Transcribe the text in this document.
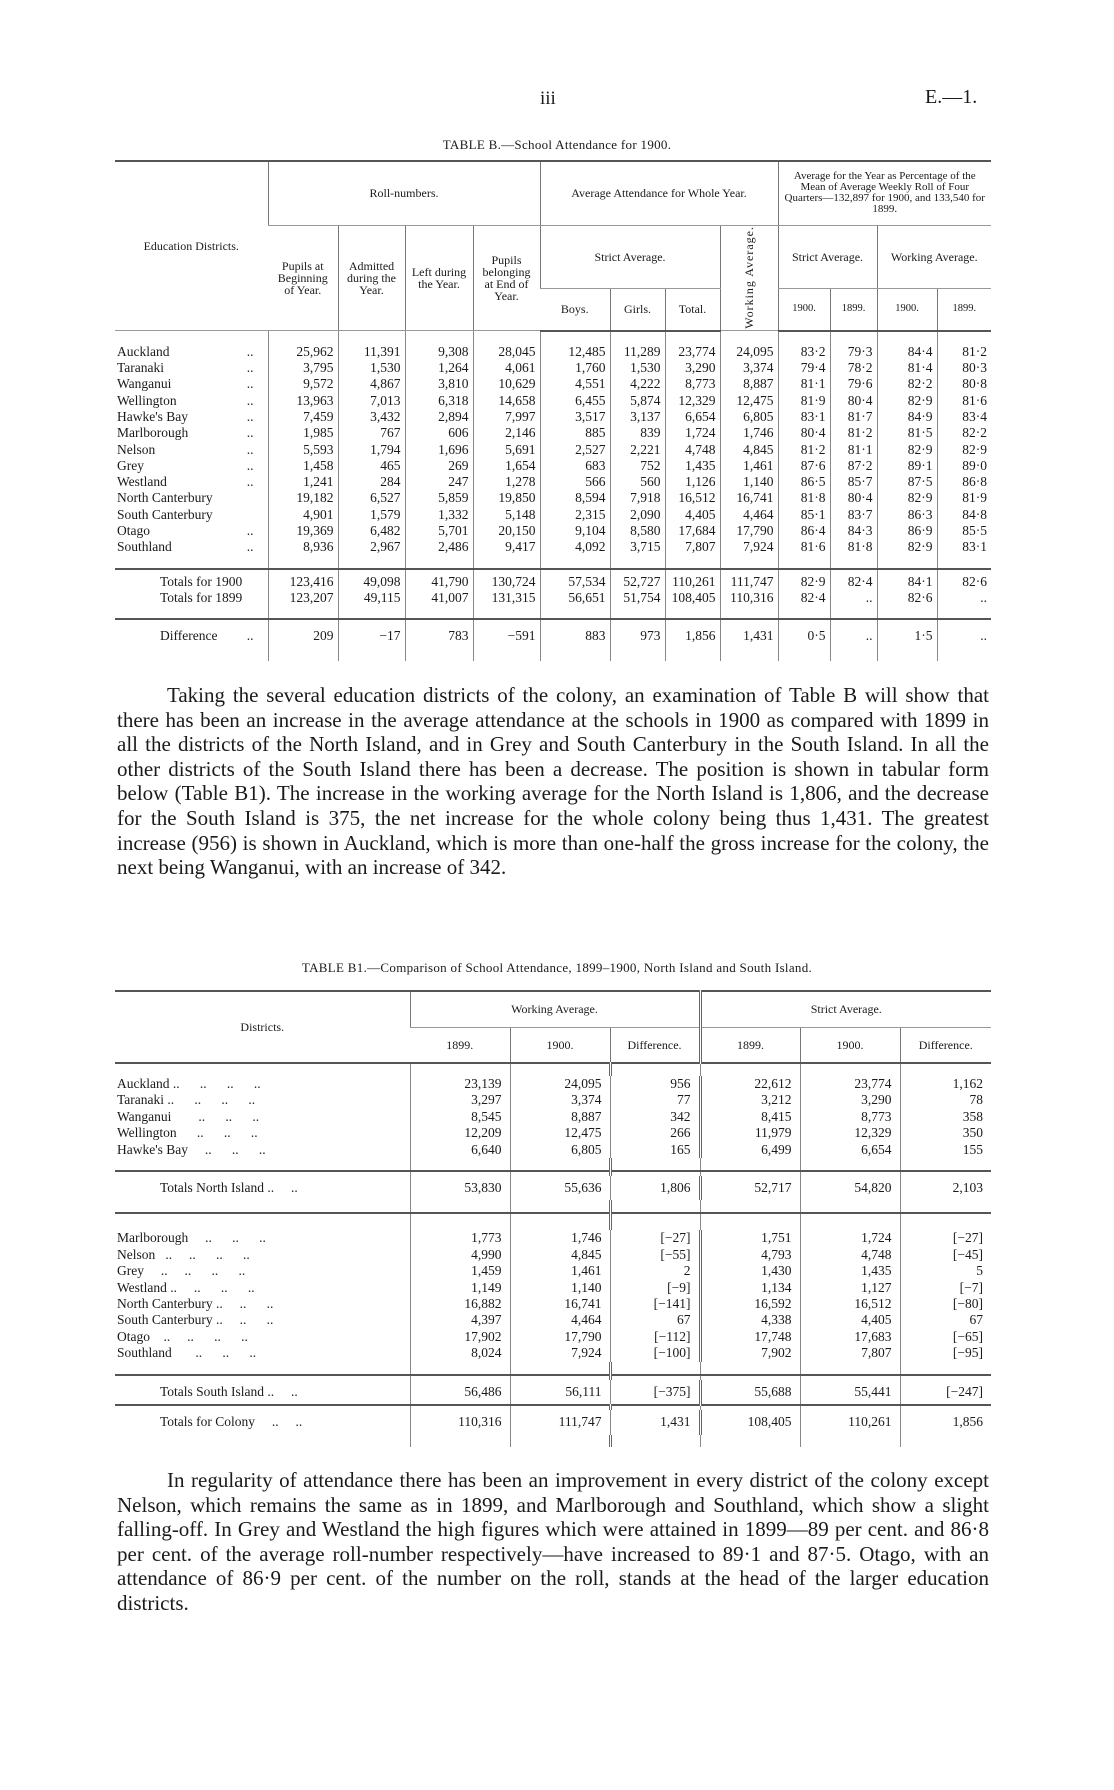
iii	E.—1.
TABLE B.—School Attendance for 1900.
Education Districts.	Roll-numbers.				Average Attendance for Whole Year.				Average for the Year as Percentage of the Mean of Average Weekly Roll of Four Quarters—132,897 for 1900, and 133,540 for 1899.			
	Pupils at Beginning of Year.	Admitted during the Year.	Left during the Year.	Pupils belonging at End of Year.	Strict Average.			Working Average.	Strict Average.		Working Average.	
					Boys.	Girls.	Total.		1900.	1899.	1900.	1899.

Auckland ..	25,962	11,391	9,308	28,045	12,485	11,289	23,774	24,095	83·2	79·3	84·4	81·2
Taranaki ..	3,795	1,530	1,264	4,061	1,760	1,530	3,290	3,374	79·4	78·2	81·4	80·3
Wanganui ..	9,572	4,867	3,810	10,629	4,551	4,222	8,773	8,887	81·1	79·6	82·2	80·8
Wellington ..	13,963	7,013	6,318	14,658	6,455	5,874	12,329	12,475	81·9	80·4	82·9	81·6
Hawke's Bay ..	7,459	3,432	2,894	7,997	3,517	3,137	6,654	6,805	83·1	81·7	84·9	83·4
Marlborough ..	1,985	767	606	2,146	885	839	1,724	1,746	80·4	81·2	81·5	82·2
Nelson ..	5,593	1,794	1,696	5,691	2,527	2,221	4,748	4,845	81·2	81·1	82·9	82·9
Grey ..	1,458	465	269	1,654	683	752	1,435	1,461	87·6	87·2	89·1	89·0
Westland ..	1,241	284	247	1,278	566	560	1,126	1,140	86·5	85·7	87·5	86·8
North Canterbury	19,182	6,527	5,859	19,850	8,594	7,918	16,512	16,741	81·8	80·4	82·9	81·9
South Canterbury	4,901	1,579	1,332	5,148	2,315	2,090	4,405	4,464	85·1	83·7	86·3	84·8
Otago ..	19,369	6,482	5,701	20,150	9,104	8,580	17,684	17,790	86·4	84·3	86·9	85·5
Southland ..	8,936	2,967	2,486	9,417	4,092	3,715	7,807	7,924	81·6	81·8	82·9	83·1

Totals for 1900	123,416	49,098	41,790	130,724	57,534	52,727	110,261	111,747	82·9	82·4	84·1	82·6
Totals for 1899	123,207	49,115	41,007	131,315	56,651	51,754	108,405	110,316	82·4	..	82·6	..

Difference ..	209	−17	783	−591	883	973	1,856	1,431	0·5	..	1·5	..

Taking the several education districts of the colony, an examination of Table B will show that there has been an increase in the average attendance at the schools in 1900 as compared with 1899 in all the districts of the North Island, and in Grey and South Canterbury in the South Island. In all the other districts of the South Island there has been a decrease. The position is shown in tabular form below (Table B1). The increase in the working average for the North Island is 1,806, and the decrease for the South Island is 375, the net increase for the whole colony being thus 1,431. The greatest increase (956) is shown in Auckland, which is more than one-half the gross increase for the colony, the next being Wanganui, with an increase of 342.
TABLE B1.—Comparison of School Attendance, 1899–1900, North Island and South Island.
Districts.	Working Average.			Strict Average.		
	1899.	1900.	Difference.	1899.	1900.	Difference.

Auckland ..      ..      ..      ..	23,139	24,095	956	22,612	23,774	1,162
Taranaki ..      ..      ..      ..	3,297	3,374	77	3,212	3,290	78
Wanganui        ..      ..      ..	8,545	8,887	342	8,415	8,773	358
Wellington      ..      ..      ..	12,209	12,475	266	11,979	12,329	350
Hawke's Bay     ..      ..      ..	6,640	6,805	165	6,499	6,654	155

Totals North Island ..     ..	53,830	55,636	1,806	52,717	54,820	2,103

Marlborough     ..      ..      ..	1,773	1,746	[−27]	1,751	1,724	[−27]
Nelson   ..     ..      ..      ..	4,990	4,845	[−55]	4,793	4,748	[−45]
Grey     ..     ..      ..      ..	1,459	1,461	2	1,430	1,435	5
Westland ..     ..      ..      ..	1,149	1,140	[−9]	1,134	1,127	[−7]
North Canterbury ..     ..      ..	16,882	16,741	[−141]	16,592	16,512	[−80]
South Canterbury ..     ..      ..	4,397	4,464	67	4,338	4,405	67
Otago    ..     ..      ..      ..	17,902	17,790	[−112]	17,748	17,683	[−65]
Southland       ..      ..      ..	8,024	7,924	[−100]	7,902	7,807	[−95]

Totals South Island ..     ..	56,486	56,111	[−375]	55,688	55,441	[−247]

Totals for Colony     ..     ..	110,316	111,747	1,431	108,405	110,261	1,856

In regularity of attendance there has been an improvement in every district of the colony except Nelson, which remains the same as in 1899, and Marlborough and Southland, which show a slight falling-off. In Grey and Westland the high figures which were attained in 1899—89 per cent. and 86·8 per cent. of the average roll-number respectively—have increased to 89·1 and 87·5. Otago, with an attendance of 86·9 per cent. of the number on the roll, stands at the head of the larger education districts.
